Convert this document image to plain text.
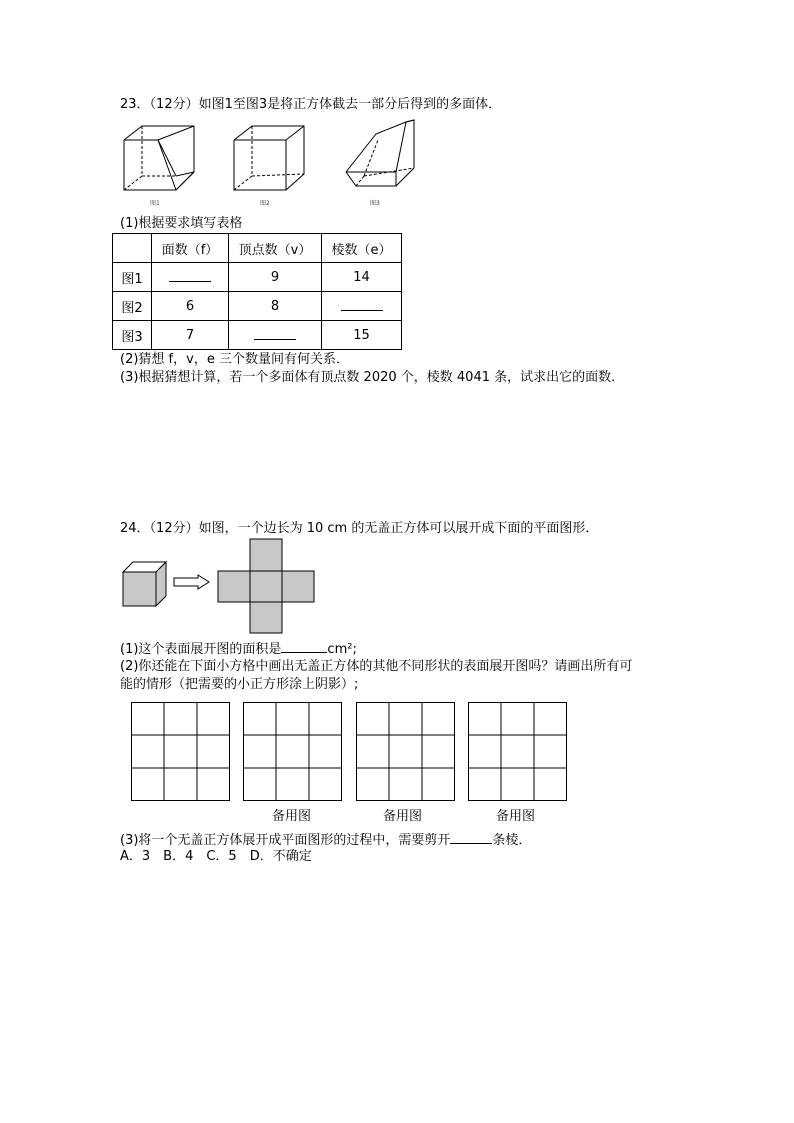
23．（12分）如图1至图3是将正方体截去一部分后得到的多面体．
图1	图2	图3
(1)根据要求填写表格
	面数（f）	顶点数（v）	棱数（e）
图1		9	14
图2	6	8	
图3	7		15
(2)猜想 f，v，e 三个数量间有何关系．
(3)根据猜想计算，若一个多面体有顶点数 2020 个，棱数 4041 条，试求出它的面数．
24．（12分）如图，一个边长为 10 cm 的无盖正方体可以展开成下面的平面图形．
(1)这个表面展开图的面积是	cm²;
(2)你还能在下面小方格中画出无盖正方体的其他不同形状的表面展开图吗？请画出所有可
能的情形（把需要的小正方形涂上阴影）;
备用图	备用图	备用图
(3)将一个无盖正方体展开成平面图形的过程中，需要剪开	条棱．
A．3　B．4　C．5　D．不确定
